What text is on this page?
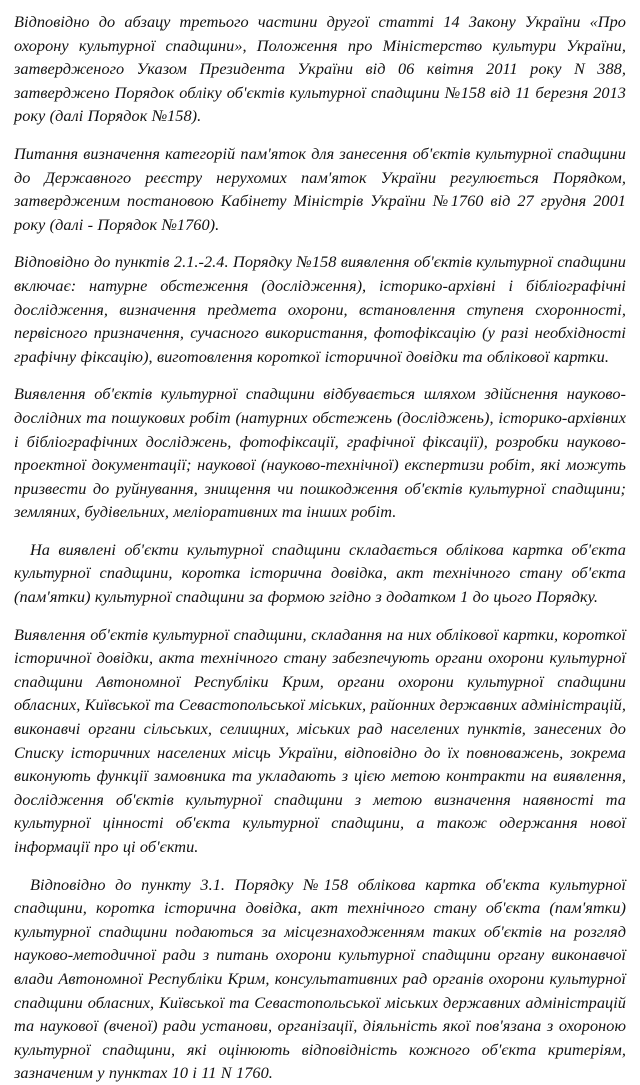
Відповідно до абзацу третього частини другої статті 14 Закону України «Про охорону культурної спадщини», Положення про Міністерство культури України, затвердженого Указом Президента України від 06 квітня 2011 року N 388, затверджено Порядок обліку об'єктів культурної спадщини №158 від 11 березня 2013 року (далі Порядок №158).

Питання визначення категорій пам'яток для занесення об'єктів культурної спадщини до Державного реєстру нерухомих пам'яток України регулюється Порядком, затвердженим постановою Кабінету Міністрів України №1760 від 27 грудня 2001 року (далі - Порядок №1760).

Відповідно до пунктів 2.1.-2.4. Порядку №158 виявлення об'єктів культурної спадщини включає: натурне обстеження (дослідження), історико-архівні і бібліографічні дослідження, визначення предмета охорони, встановлення ступеня схоронності, первісного призначення, сучасного використання, фотофіксацію (у разі необхідності графічну фіксацію), виготовлення короткої історичної довідки та облікової картки.

Виявлення об'єктів культурної спадщини відбувається шляхом здійснення науково-дослідних та пошукових робіт (натурних обстежень (досліджень), історико-архівних і бібліографічних досліджень, фотофіксації, графічної фіксації), розробки науково-проектної документації; наукової (науково-технічної) експертизи робіт, які можуть призвести до руйнування, знищення чи пошкодження об'єктів культурної спадщини; земляних, будівельних, меліоративних та інших робіт.

На виявлені об'єкти культурної спадщини складається облікова картка об'єкта культурної спадщини, коротка історична довідка, акт технічного стану об'єкта (пам'ятки) культурної спадщини за формою згідно з додатком 1 до цього Порядку.

Виявлення об'єктів культурної спадщини, складання на них облікової картки, короткої історичної довідки, акта технічного стану забезпечують органи охорони культурної спадщини Автономної Республіки Крим, органи охорони культурної спадщини обласних, Київської та Севастопольської міських, районних державних адміністрацій, виконавчі органи сільських, селищних, міських рад населених пунктів, занесених до Списку історичних населених місць України, відповідно до їх повноважень, зокрема виконують функції замовника та укладають з цією метою контракти на виявлення, дослідження об'єктів культурної спадщини з метою визначення наявності та культурної цінності об'єкта культурної спадщини, а також одержання нової інформації про ці об'єкти.

Відповідно до пункту 3.1. Порядку №158 облікова картка об'єкта культурної спадщини, коротка історична довідка, акт технічного стану об'єкта (пам'ятки) культурної спадщини подаються за місцезнаходженням таких об'єктів на розгляд науково-методичної ради з питань охорони культурної спадщини органу виконавчої влади Автономної Республіки Крим, консультативних рад органів охорони культурної спадщини обласних, Київської та Севастопольської міських державних адміністрацій та наукової (вченої) ради установи, організації, діяльність якої пов'язана з охороною культурної спадщини, які оцінюють відповідність кожного об'єкта критеріям, зазначеним у пунктах 10 і 11 N 1760.
